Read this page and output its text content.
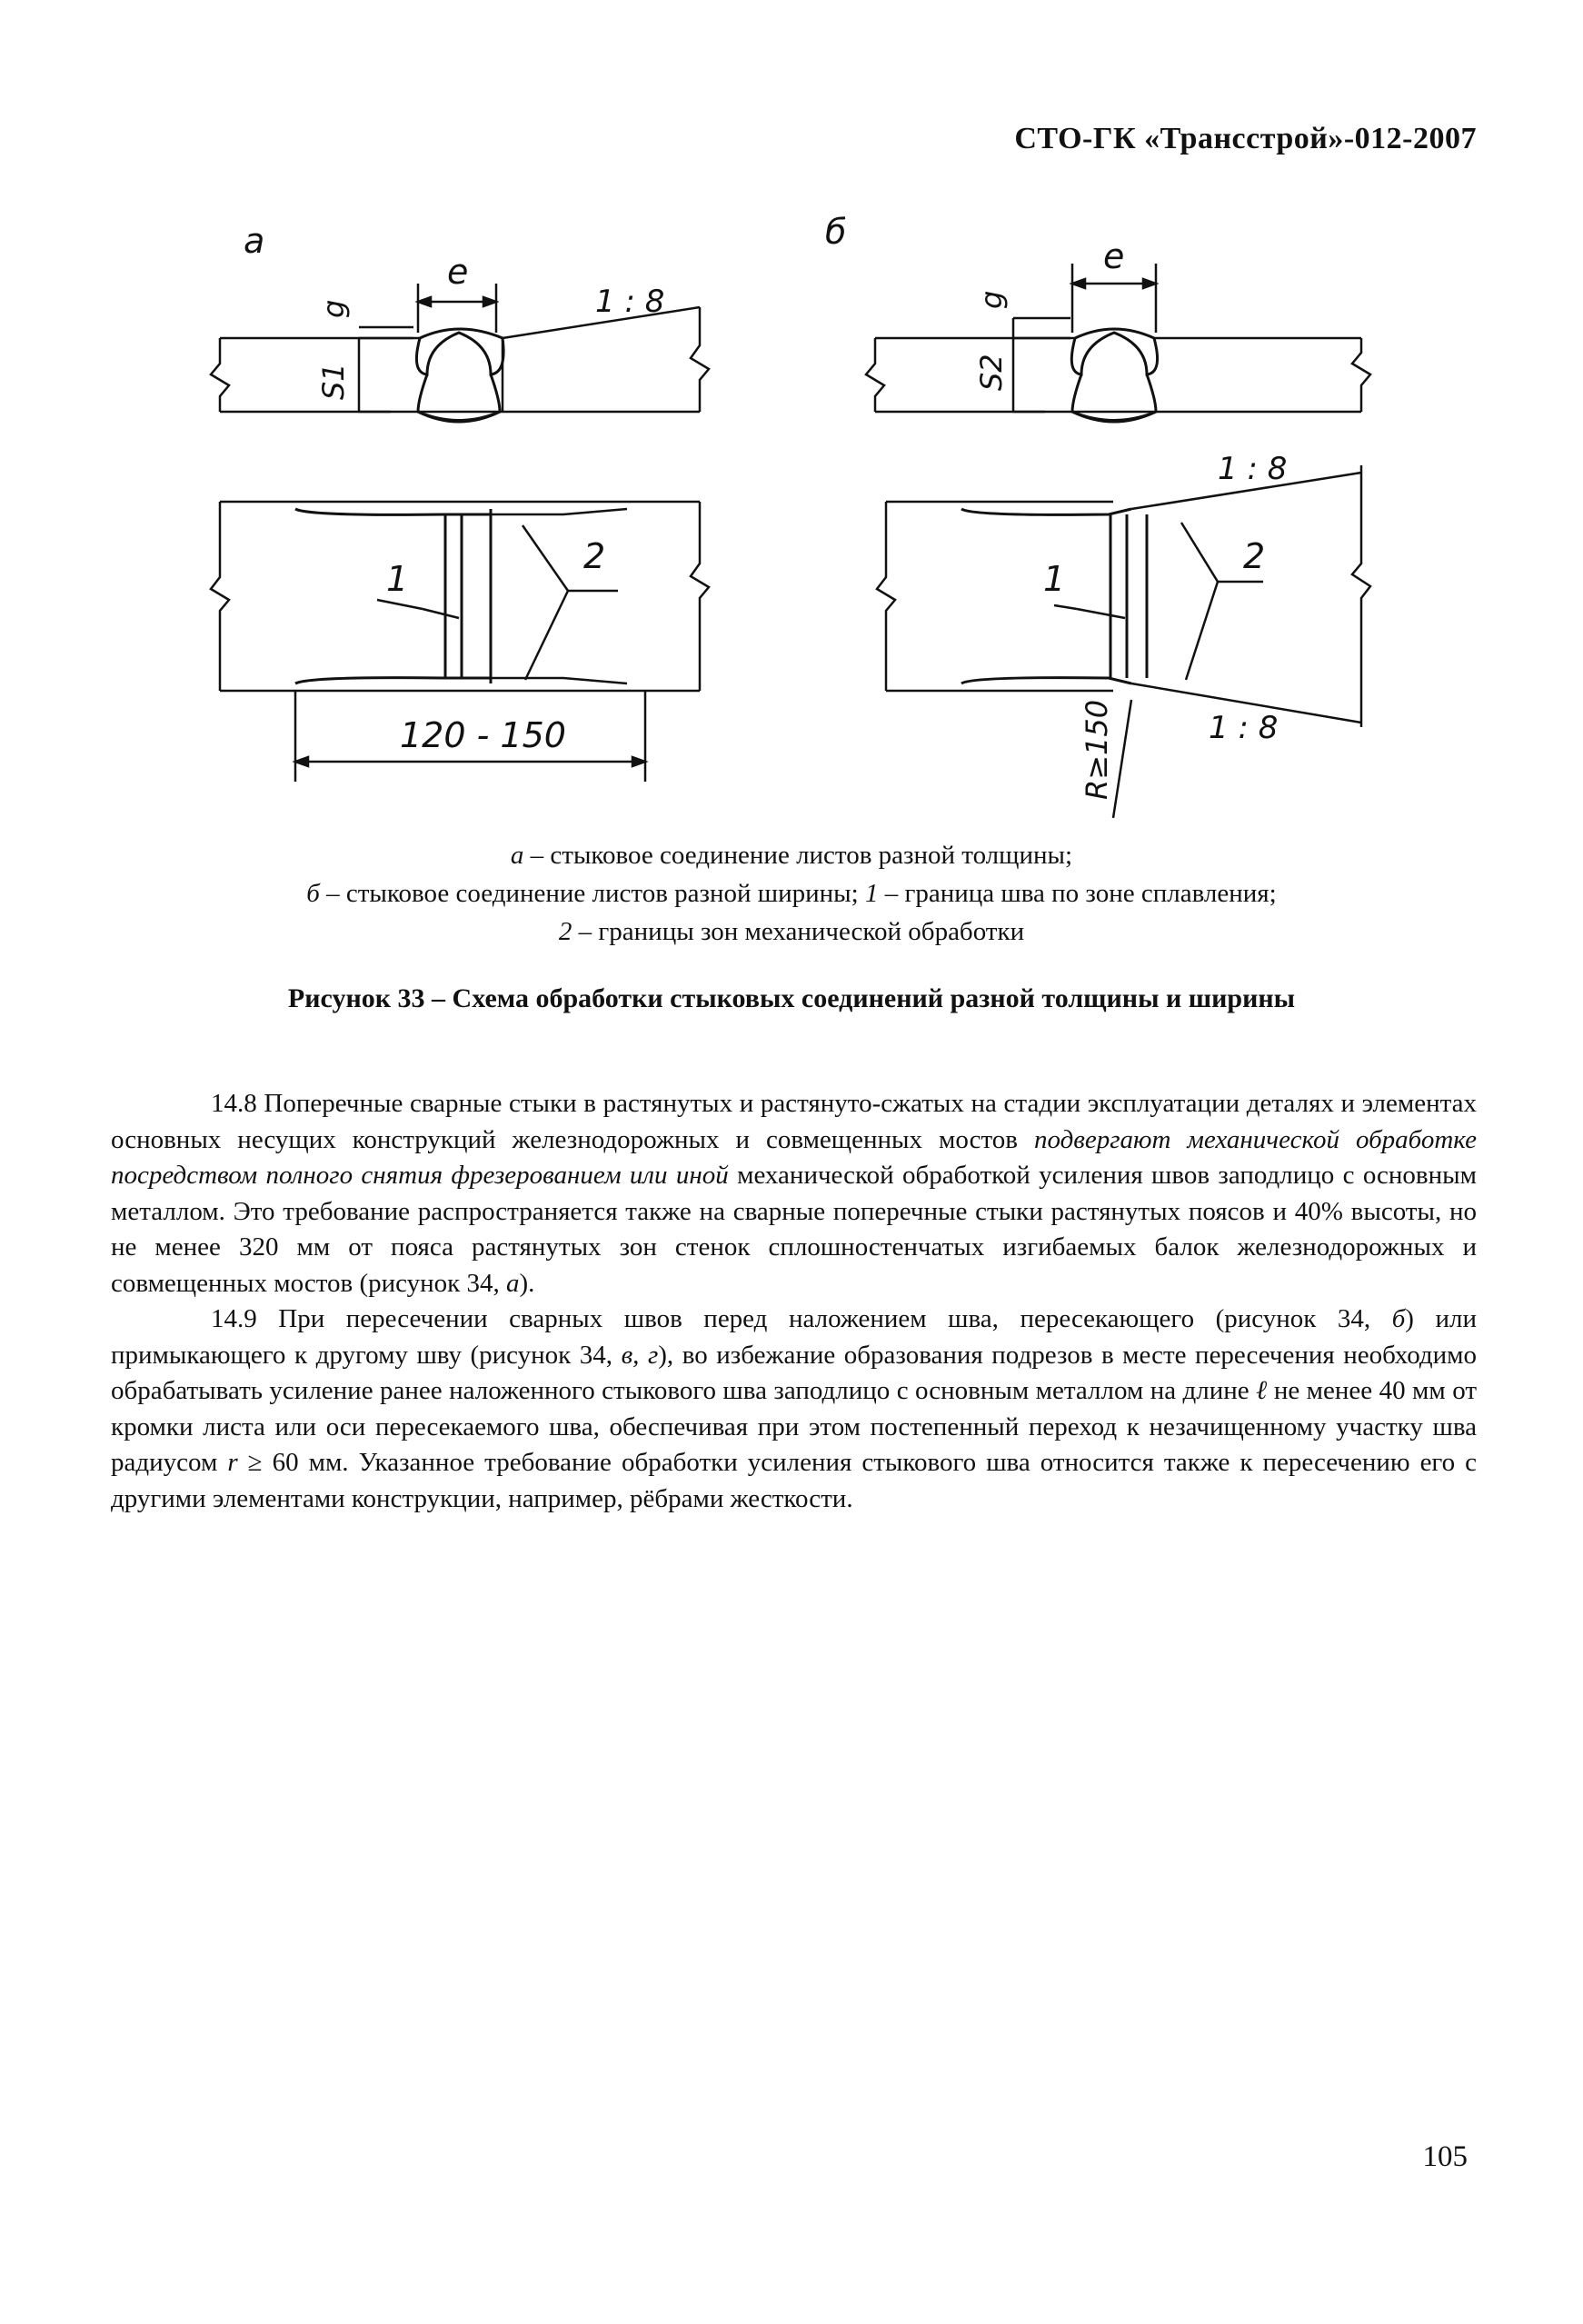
СТО-ГК «Трансстрой»-012-2007
а	б
e	e
1 : 8
1 : 8
1 : 8
1
2
1
2
120 - 150
g
S1
g
S2
R≥150
а – стыковое соединение листов разной толщины;
б – стыковое соединение листов разной ширины; 1 – граница шва по зоне сплавления;
2 – границы зон механической обработки
Рисунок 33 – Схема обработки стыковых соединений разной толщины и ширины

14.8 Поперечные сварные стыки в растянутых и растянуто-сжатых на стадии эксплуатации деталях и элементах основных несущих конструкций железнодорожных и совмещенных мостов подвергают механической обработке посредством полного снятия фрезерованием или иной механической обработкой усиления швов заподлицо с основным металлом. Это требование распространяется также на сварные поперечные стыки растянутых поясов и 40% высоты, но не менее 320 мм от пояса растянутых зон стенок сплошностенчатых изгибаемых балок железнодорожных и совмещенных мостов (рисунок 34, а).

14.9 При пересечении сварных швов перед наложением шва, пересекающего (рисунок 34, б) или примыкающего к другому шву (рисунок 34, в, г), во избежание образования подрезов в месте пересечения необходимо обрабатывать усиление ранее наложенного стыкового шва заподлицо с основным металлом на длине ℓ не менее 40 мм от кромки листа или оси пересекаемого шва, обеспечивая при этом постепенный переход к незачищенному участку шва радиусом r ≥ 60 мм. Указанное требование обработки усиления стыкового шва относится также к пересечению его с другими элементами конструкции, например, рёбрами жесткости.

105
